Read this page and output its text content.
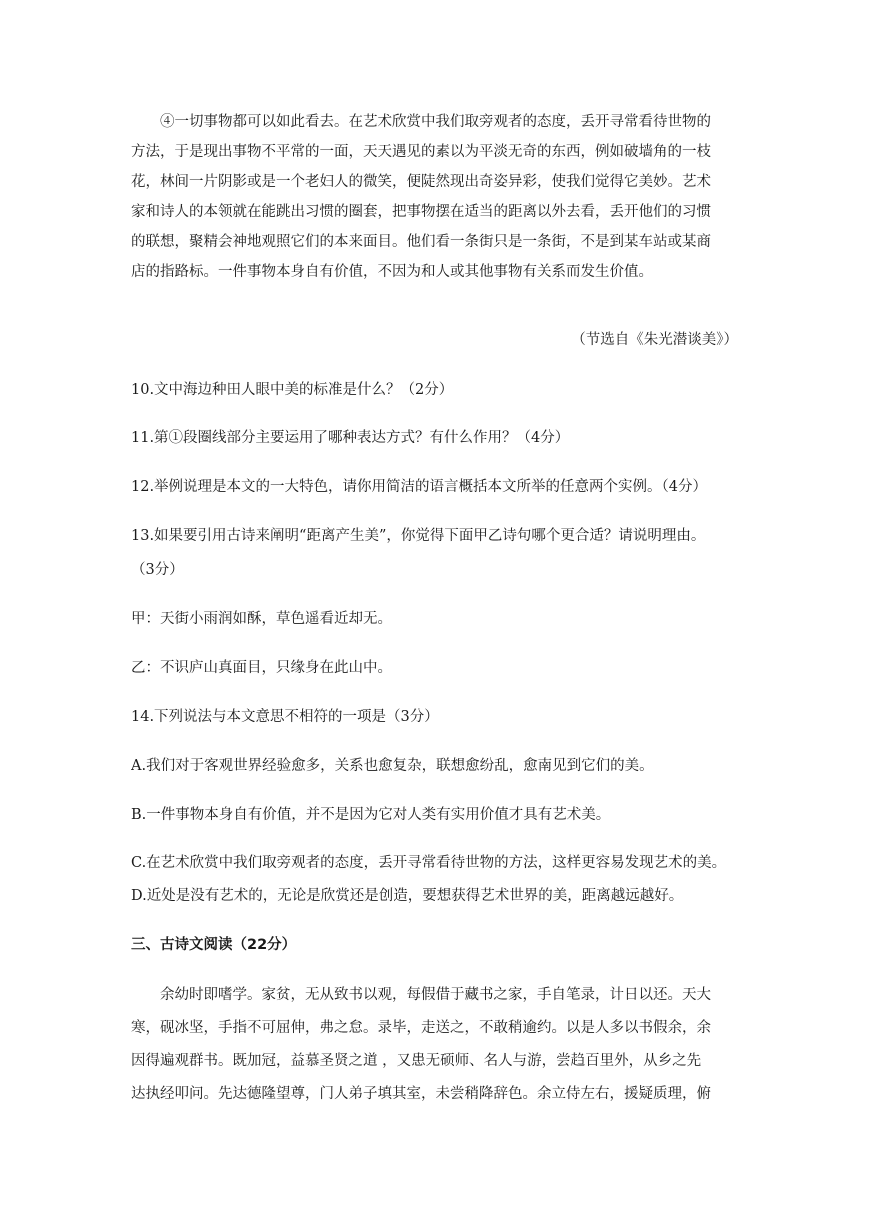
④一切事物都可以如此看去。在艺术欣赏中我们取旁观者的态度，丢开寻常看待世物的
方法，于是现出事物不平常的一面，天天遇见的素以为平淡无奇的东西，例如破墙角的一枝
花，林间一片阴影或是一个老妇人的微笑，便陡然现出奇姿异彩，使我们觉得它美妙。艺术
家和诗人的本领就在能跳出习惯的圈套，把事物摆在适当的距离以外去看，丢开他们的习惯
的联想，聚精会神地观照它们的本来面目。他们看一条街只是一条街，不是到某车站或某商
店的指路标。一件事物本身自有价值，不因为和人或其他事物有关系而发生价值。
（节选自《朱光潜谈美》）
10.文中海边种田人眼中美的标准是什么？（2分）
11.第①段圈线部分主要运用了哪种表达方式？有什么作用？（4分）
12.举例说理是本文的一大特色，请你用简洁的语言概括本文所举的任意两个实例。（4分）
13.如果要引用古诗来阐明“距离产生美”，你觉得下面甲乙诗句哪个更合适？请说明理由。
（3分）
甲：天街小雨润如酥，草色遥看近却无。
乙：不识庐山真面目，只缘身在此山中。
14.下列说法与本文意思不相符的一项是（3分）
A.我们对于客观世界经验愈多，关系也愈复杂，联想愈纷乱，愈南见到它们的美。
B.一件事物本身自有价值，并不是因为它对人类有实用价值才具有艺术美。
C.在艺术欣赏中我们取旁观者的态度，丢开寻常看待世物的方法，这样更容易发现艺术的美。
D.近处是没有艺术的，无论是欣赏还是创造，要想获得艺术世界的美，距离越远越好。
三、古诗文阅读（22分）
余幼时即嗜学。家贫，无从致书以观，每假借于藏书之家，手自笔录，计日以还。天大
寒，砚冰坚，手指不可屈伸，弗之怠。录毕，走送之，不敢稍逾约。以是人多以书假余，余
因得遍观群书。既加冠，益慕圣贤之道 ，又患无硕师、名人与游，尝趋百里外，从乡之先
达执经叩问。先达德隆望尊，门人弟子填其室，未尝稍降辞色。余立侍左右，援疑质理，俯
